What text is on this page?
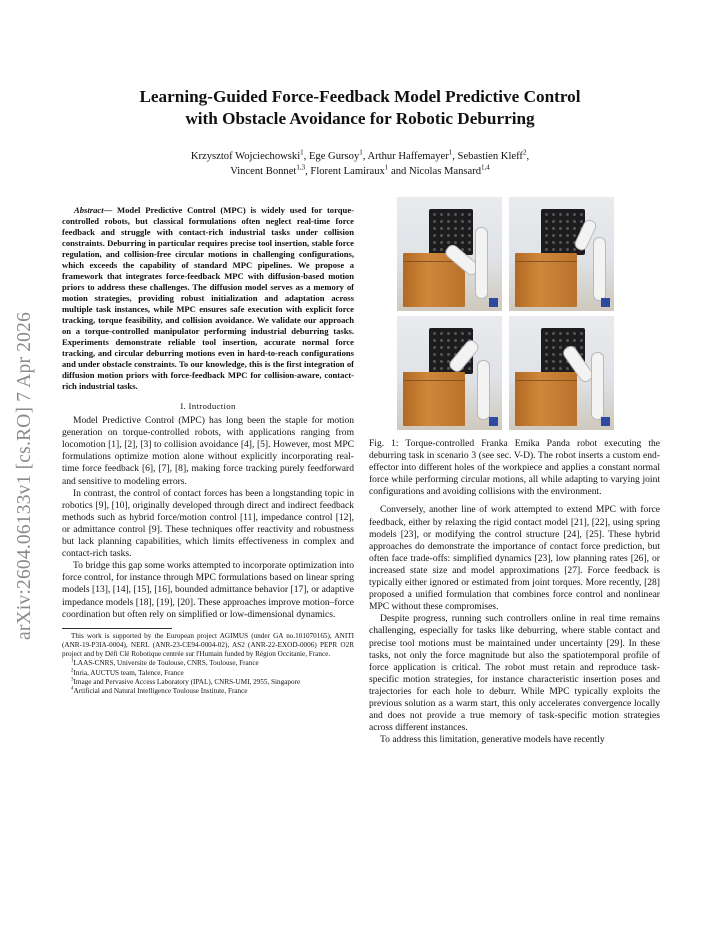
arXiv:2604.06133v1 [cs.RO] 7 Apr 2026
Learning-Guided Force-Feedback Model Predictive Control
with Obstacle Avoidance for Robotic Deburring
Krzysztof Wojciechowski$^1$, Ege Gursoy$^1$, Arthur Haffemayer$^1$, Sebastien Kleff$^2$,
Vincent Bonnet$^{1,3}$, Florent Lamiraux$^1$ and Nicolas Mansard$^{1,4}$

Abstract— Model Predictive Control (MPC) is widely used for torque-controlled robots, but classical formulations often neglect real-time force feedback and struggle with contact-rich industrial tasks under collision constraints. Deburring in particular requires precise tool insertion, stable force regulation, and collision-free circular motions in challenging configurations, which exceeds the capability of standard MPC pipelines. We propose a framework that integrates force-feedback MPC with diffusion-based motion priors to address these challenges. The diffusion model serves as a memory of motion strategies, providing robust initialization and adaptation across multiple task instances, while MPC ensures safe execution with explicit force tracking, torque feasibility, and collision avoidance. We validate our approach on a torque-controlled manipulator performing industrial deburring tasks. Experiments demonstrate reliable tool insertion, accurate normal force tracking, and circular deburring motions even in hard-to-reach configurations and under obstacle constraints. To our knowledge, this is the first integration of diffusion motion priors with force-feedback MPC for collision-aware, contact-rich industrial tasks.

I. Introduction

Model Predictive Control (MPC) has long been the staple for motion generation on torque-controlled robots, with applications ranging from locomotion [1], [2], [3] to collision avoidance [4], [5]. However, most MPC formulations optimize motion alone without explicitly incorporating real-time force feedback [6], [7], [8], making force tracking purely feedforward and sensitive to modeling errors.

In contrast, the control of contact forces has been a longstanding topic in robotics [9], [10], originally developed through direct and indirect feedback methods such as hybrid force/motion control [11], impedance control [12], or admittance control [9]. These techniques offer reactivity and robustness but lack planning capabilities, which limits effectiveness in complex and contact-rich tasks.

To bridge this gap some works attempted to incorporate optimization into force control, for instance through MPC formulations based on linear spring models [13], [14], [15], [16], bounded admittance behavior [17], or adaptive impedance models [18], [19], [20]. These approaches improve motion–force coordination but often rely on simplified or low-dimensional dynamics.

This work is supported by the European project AGIMUS (under GA no.101070165), ANITI (ANR-19-P3IA-0004), NERL (ANR-23-CE94-0004-02), AS2 (ANR-22-EXOD-0006) PEPR O2R project and by Défi Clé Robotique centrée sur l'Humain funded by Région Occitanie, France.

$^1$LAAS-CNRS, Universite de Toulouse, CNRS, Toulouse, France

$^2$Inria, AUCTUS team, Talence, France

$^3$Image and Pervasive Access Laboratory (IPAL), CNRS-UMI, 2955, Singapore

$^4$Artificial and Natural Intelligence Toulouse Institute, France

Fig. 1: Torque-controlled Franka Emika Panda robot executing the deburring task in scenario 3 (see sec. V-D). The robot inserts a custom end-effector into different holes of the workpiece and applies a constant normal force while performing circular motions, all while adapting to varying joint configurations and avoiding collisions with the environment.

Conversely, another line of work attempted to extend MPC with force feedback, either by relaxing the rigid contact model [21], [22], using spring models [23], or modifying the control structure [24], [25]. These hybrid approaches do demonstrate the importance of contact force prediction, but often face trade-offs: simplified dynamics [23], low planning rates [26], or increased state size and model approximations [27]. Force feedback is typically either ignored or estimated from joint torques. More recently, [28] proposed a unified formulation that combines force control and nonlinear MPC without these compromises.

Despite progress, running such controllers online in real time remains challenging, especially for tasks like deburring, where stable contact and precise tool motions must be maintained under uncertainty [29]. In these tasks, not only the force magnitude but also the spatiotemporal profile of force application is critical. The robot must retain and reproduce task-specific motion strategies, for instance characteristic insertion poses and trajectories for each hole to deburr. While MPC typically exploits the previous solution as a warm start, this only accelerates convergence locally and does not provide a true memory of task-specific motion strategies across different instances.

To address this limitation, generative models have recently
